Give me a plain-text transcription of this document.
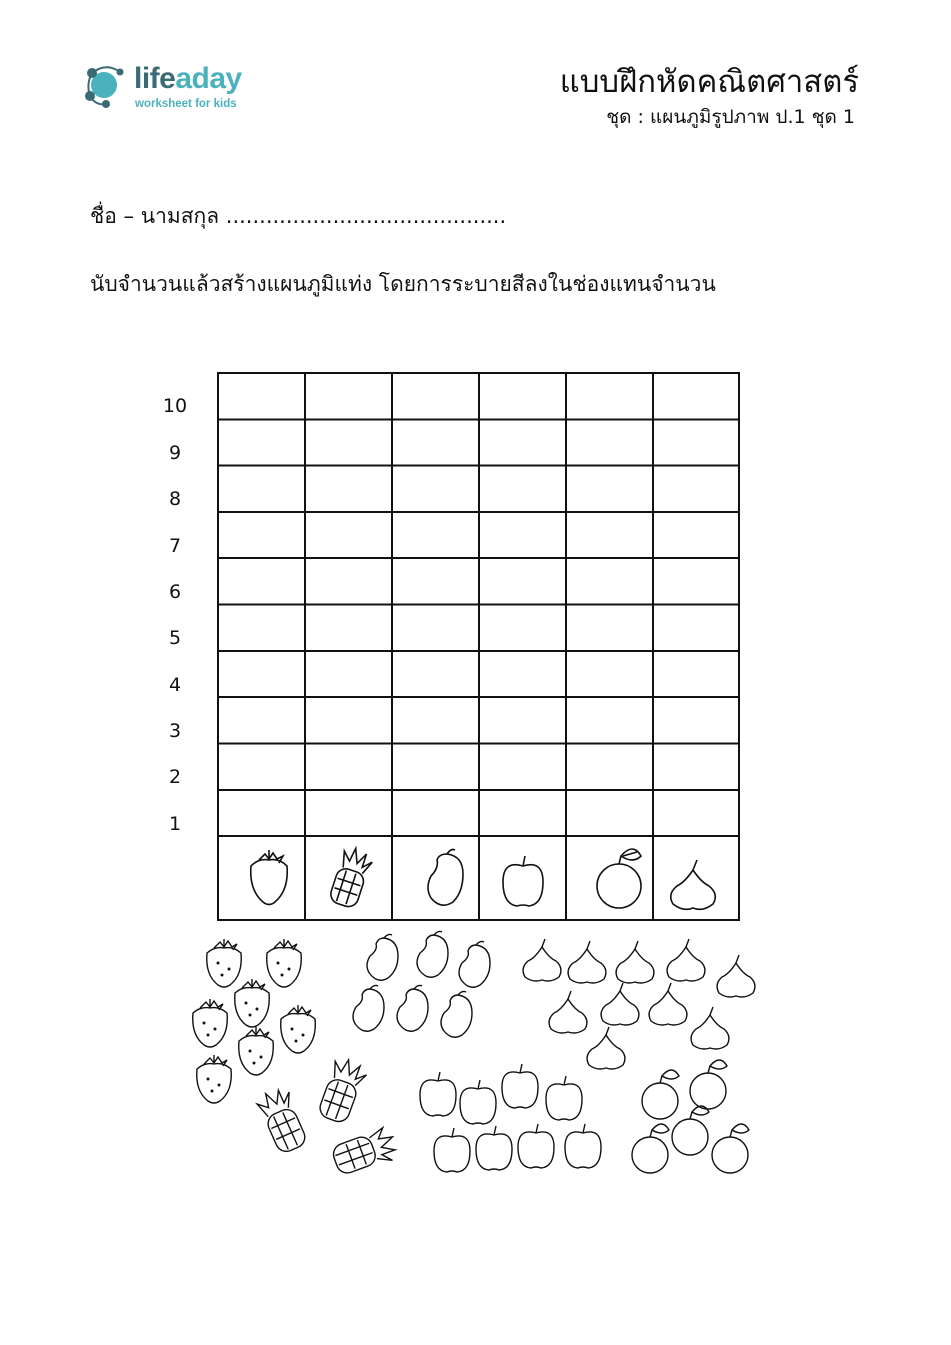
lifeaday
worksheet for kids
แบบฝึกหัดคณิตศาสตร์
ชุด : แผนภูมิรูปภาพ ป.1 ชุด 1
ชื่อ – นามสกุล ..........................................
นับจำนวนแล้วสร้างแผนภูมิแท่ง โดยการระบายสีลงในช่องแทนจำนวน
10
9
8
7
6
5
4
3
2
1
